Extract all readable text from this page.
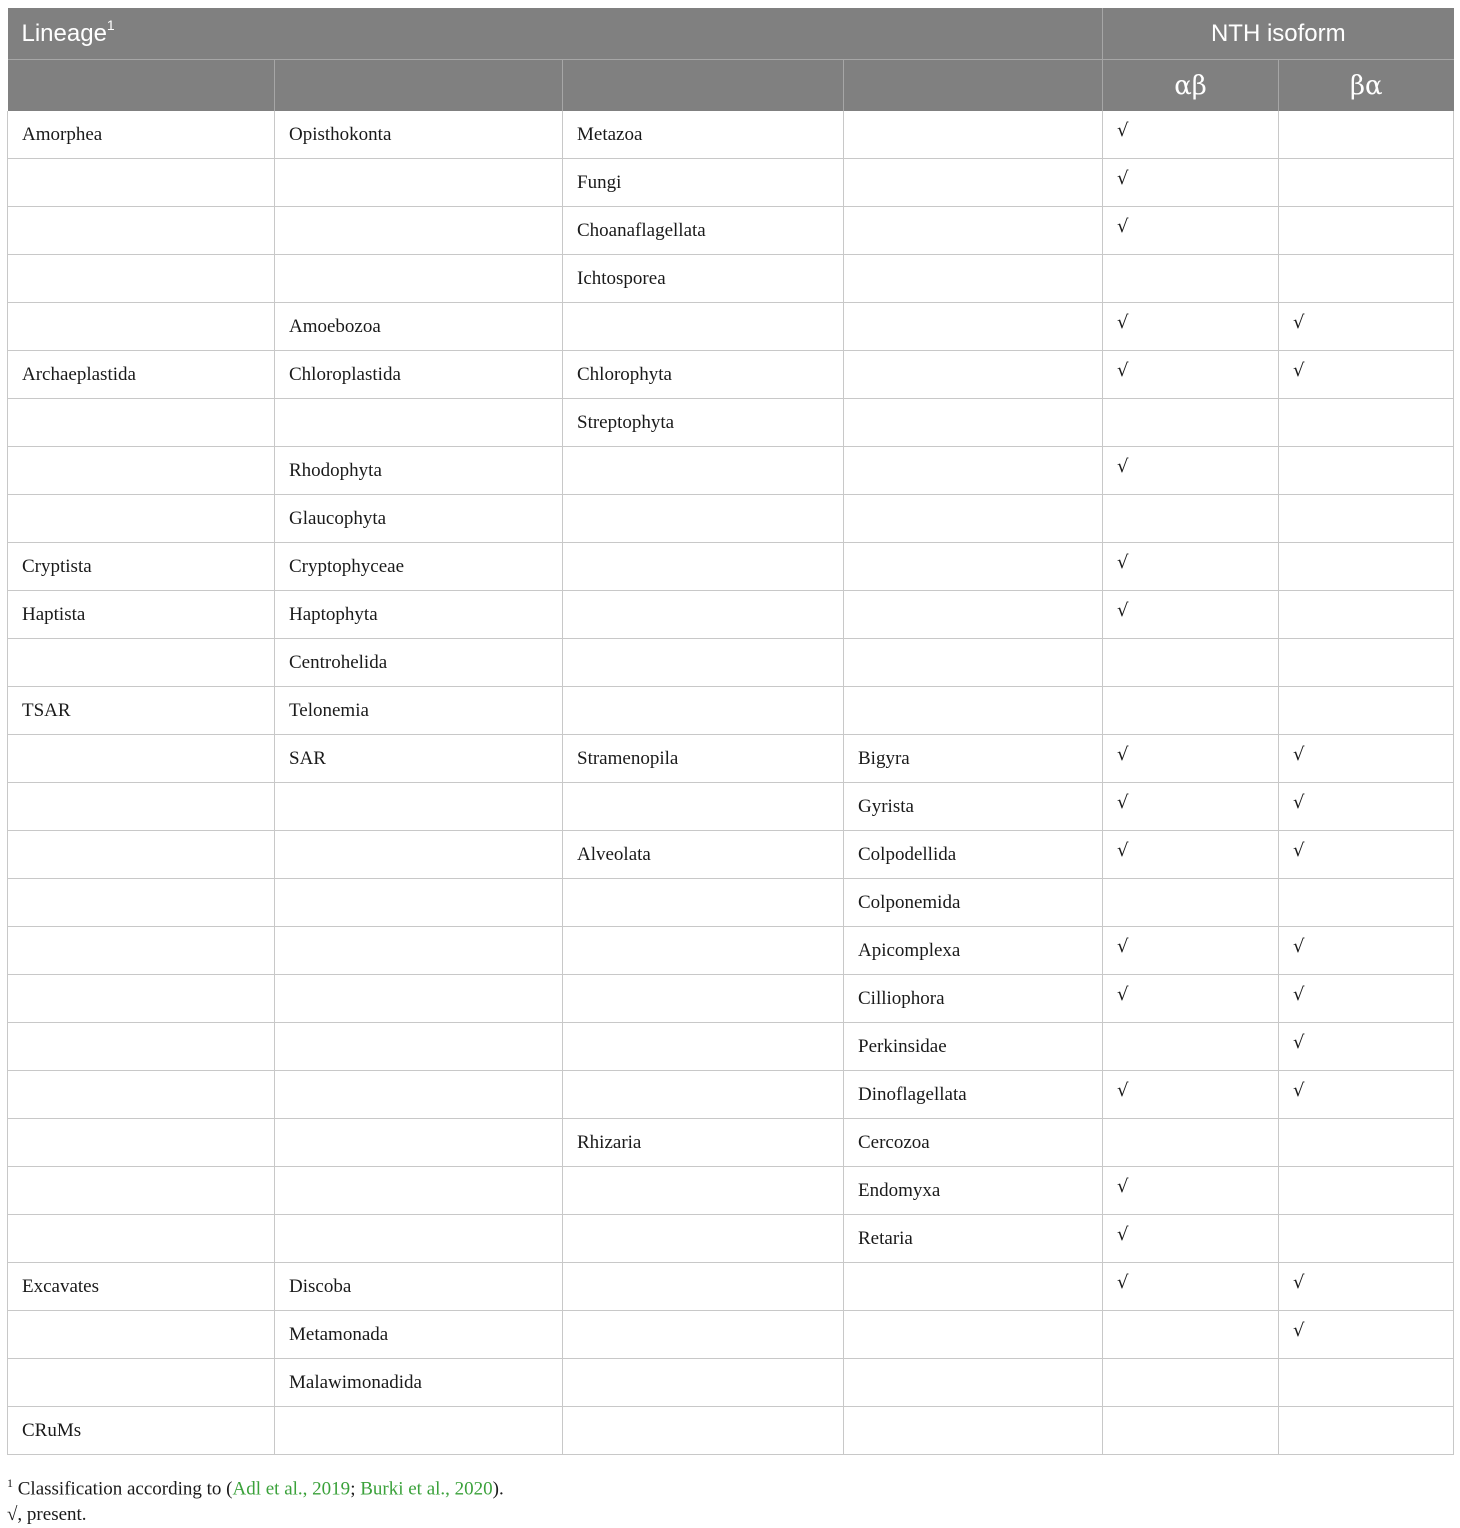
Lineage$^1$				NTH isoform	
				αβ	βα
Amorphea	Opisthokonta	Metazoa		√	
		Fungi		√	
		Choanaflagellata		√	
		Ichtosporea			
	Amoebozoa			√	√
Archaeplastida	Chloroplastida	Chlorophyta		√	√
		Streptophyta			
	Rhodophyta			√	
	Glaucophyta				
Cryptista	Cryptophyceae			√	
Haptista	Haptophyta			√	
	Centrohelida				
TSAR	Telonemia				
	SAR	Stramenopila	Bigyra	√	√
			Gyrista	√	√
		Alveolata	Colpodellida	√	√
			Colponemida		
			Apicomplexa	√	√
			Cilliophora	√	√
			Perkinsidae		√
			Dinoflagellata	√	√
		Rhizaria	Cercozoa		
			Endomyxa	√	
			Retaria	√	
Excavates	Discoba			√	√
	Metamonada				√
	Malawimonadida				
CRuMs					
$^1$ Classification according to (Adl et al., 2019; Burki et al., 2020).
√, present.
